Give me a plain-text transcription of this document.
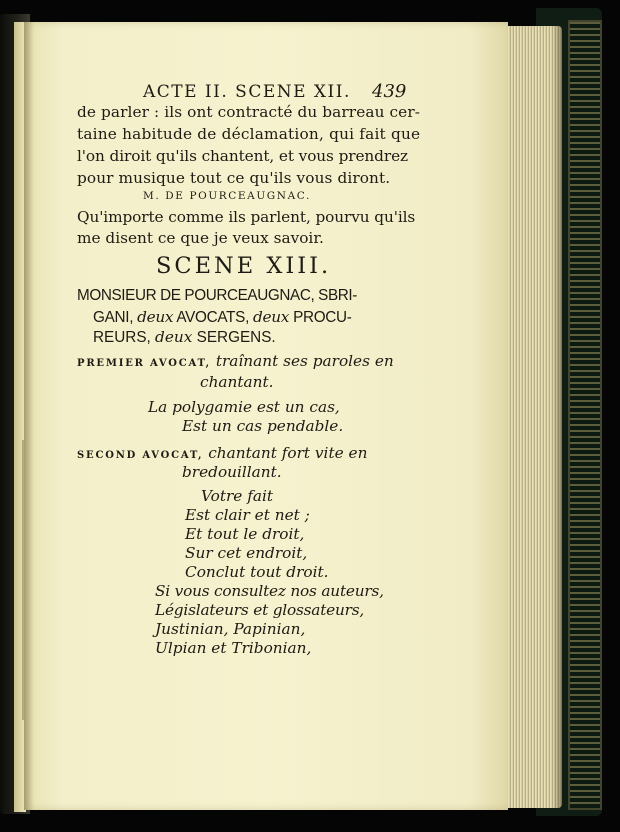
ACTE II. SCENE XII. 439
de parler : ils ont contracté du barreau cer-
taine habitude de déclamation, qui fait que
l'on diroit qu'ils chantent, et vous prendrez
pour musique tout ce qu'ils vous diront.
M. DE POURCEAUGNAC.
Qu'importe comme ils parlent, pourvu qu'ils
me disent ce que je veux savoir.
SCENE XIII.
MONSIEUR DE POURCEAUGNAC, SBRI-
GANI, deux AVOCATS, deux PROCU-
REURS, deux SERGENS.
PREMIER AVOCAT, traînant ses paroles en
chantant.
La polygamie est un cas,
Est un cas pendable.
SECOND AVOCAT, chantant fort vite en
bredouillant.
Votre fait
Est clair et net ;
Et tout le droit,
Sur cet endroit,
Conclut tout droit.
Si vous consultez nos auteurs,
Législateurs et glossateurs,
Justinian, Papinian,
Ulpian et Tribonian,
